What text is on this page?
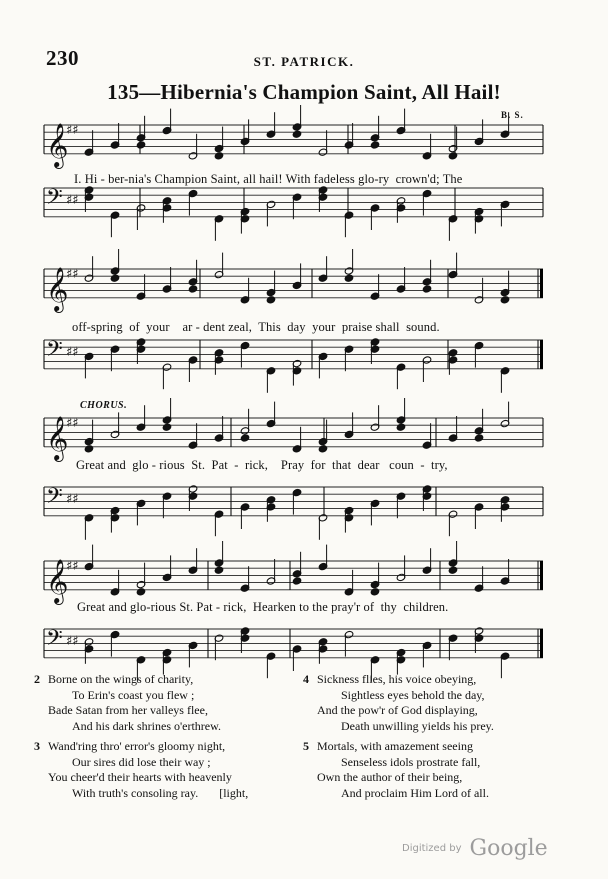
230	ST. PATRICK.
135—Hibernia's Champion Saint, All Hail!
B. S.
𝄞
♯♯
𝄢 ♯♯
𝄞
♯♯
𝄢 ♯♯
𝄞
♯♯
𝄢 ♯♯
𝄞
♯♯
𝄢 ♯♯
CHORUS.
I. Hi - ber-nia's Champion Saint, all hail! With fadeless glo-ry  crown'd; The
off-spring  of  your    ar - dent zeal,  This  day  your  praise shall  sound.
Great and  glo - rious  St.  Pat  -  rick,    Pray  for  that  dear   coun  -  try,
Great and glo-rious St. Pat - rick,  Hearken to the pray'r of  thy  children.
2 Borne on the wings of charity,
To Erin's coast you flew ;
Bade Satan from her valleys flee,
And his dark shrines o'erthrew.
3 Wand'ring thro' error's gloomy night,
Our sires did lose their way ;
You cheer'd their hearts with heavenly
With truth's consoling ray.       [light,
4 Sickness flies, his voice obeying,
Sightless eyes behold the day,
And the pow'r of God displaying,
Death unwilling yields his prey.
5 Mortals, with amazement seeing
Senseless idols prostrate fall,
Own the author of their being,
And proclaim Him Lord of all.
Digitized by Google
